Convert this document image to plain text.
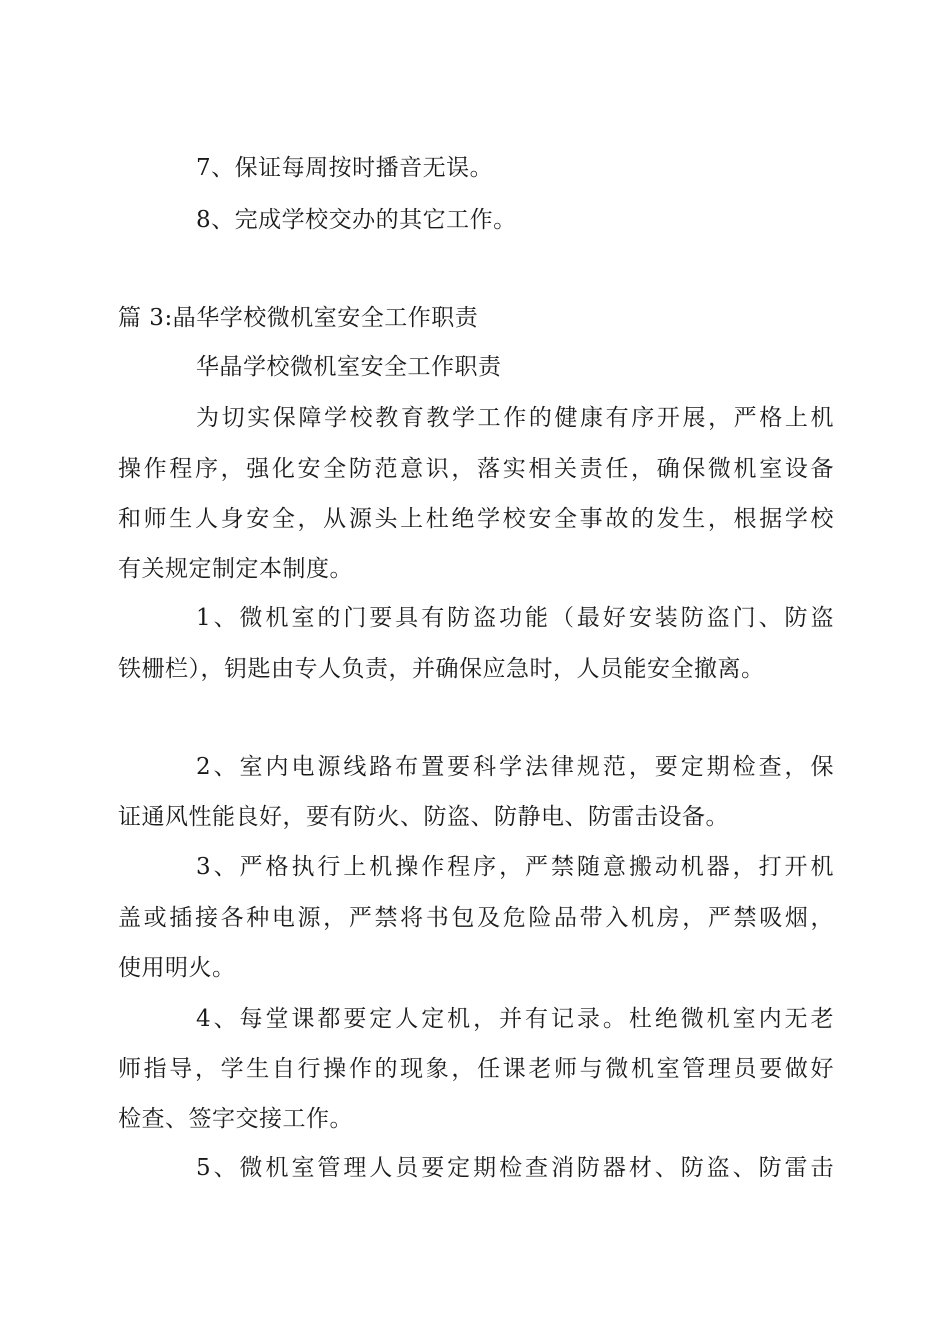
7、保证每周按时播音无误。
8、完成学校交办的其它工作。
篇 3:晶华学校微机室安全工作职责
华晶学校微机室安全工作职责
为切实保障学校教育教学工作的健康有序开展，严格上机
操作程序，强化安全防范意识，落实相关责任，确保微机室设备
和师生人身安全，从源头上杜绝学校安全事故的发生，根据学校
有关规定制定本制度。
1、微机室的门要具有防盗功能（最好安装防盗门、防盗
铁栅栏），钥匙由专人负责，并确保应急时，人员能安全撤离。
2、室内电源线路布置要科学法律规范，要定期检查，保
证通风性能良好，要有防火、防盗、防静电、防雷击设备。
3、严格执行上机操作程序，严禁随意搬动机器，打开机
盖或插接各种电源，严禁将书包及危险品带入机房，严禁吸烟，
使用明火。
4、每堂课都要定人定机，并有记录。杜绝微机室内无老
师指导，学生自行操作的现象，任课老师与微机室管理员要做好
检查、签字交接工作。
5、微机室管理人员要定期检查消防器材、防盗、防雷击
